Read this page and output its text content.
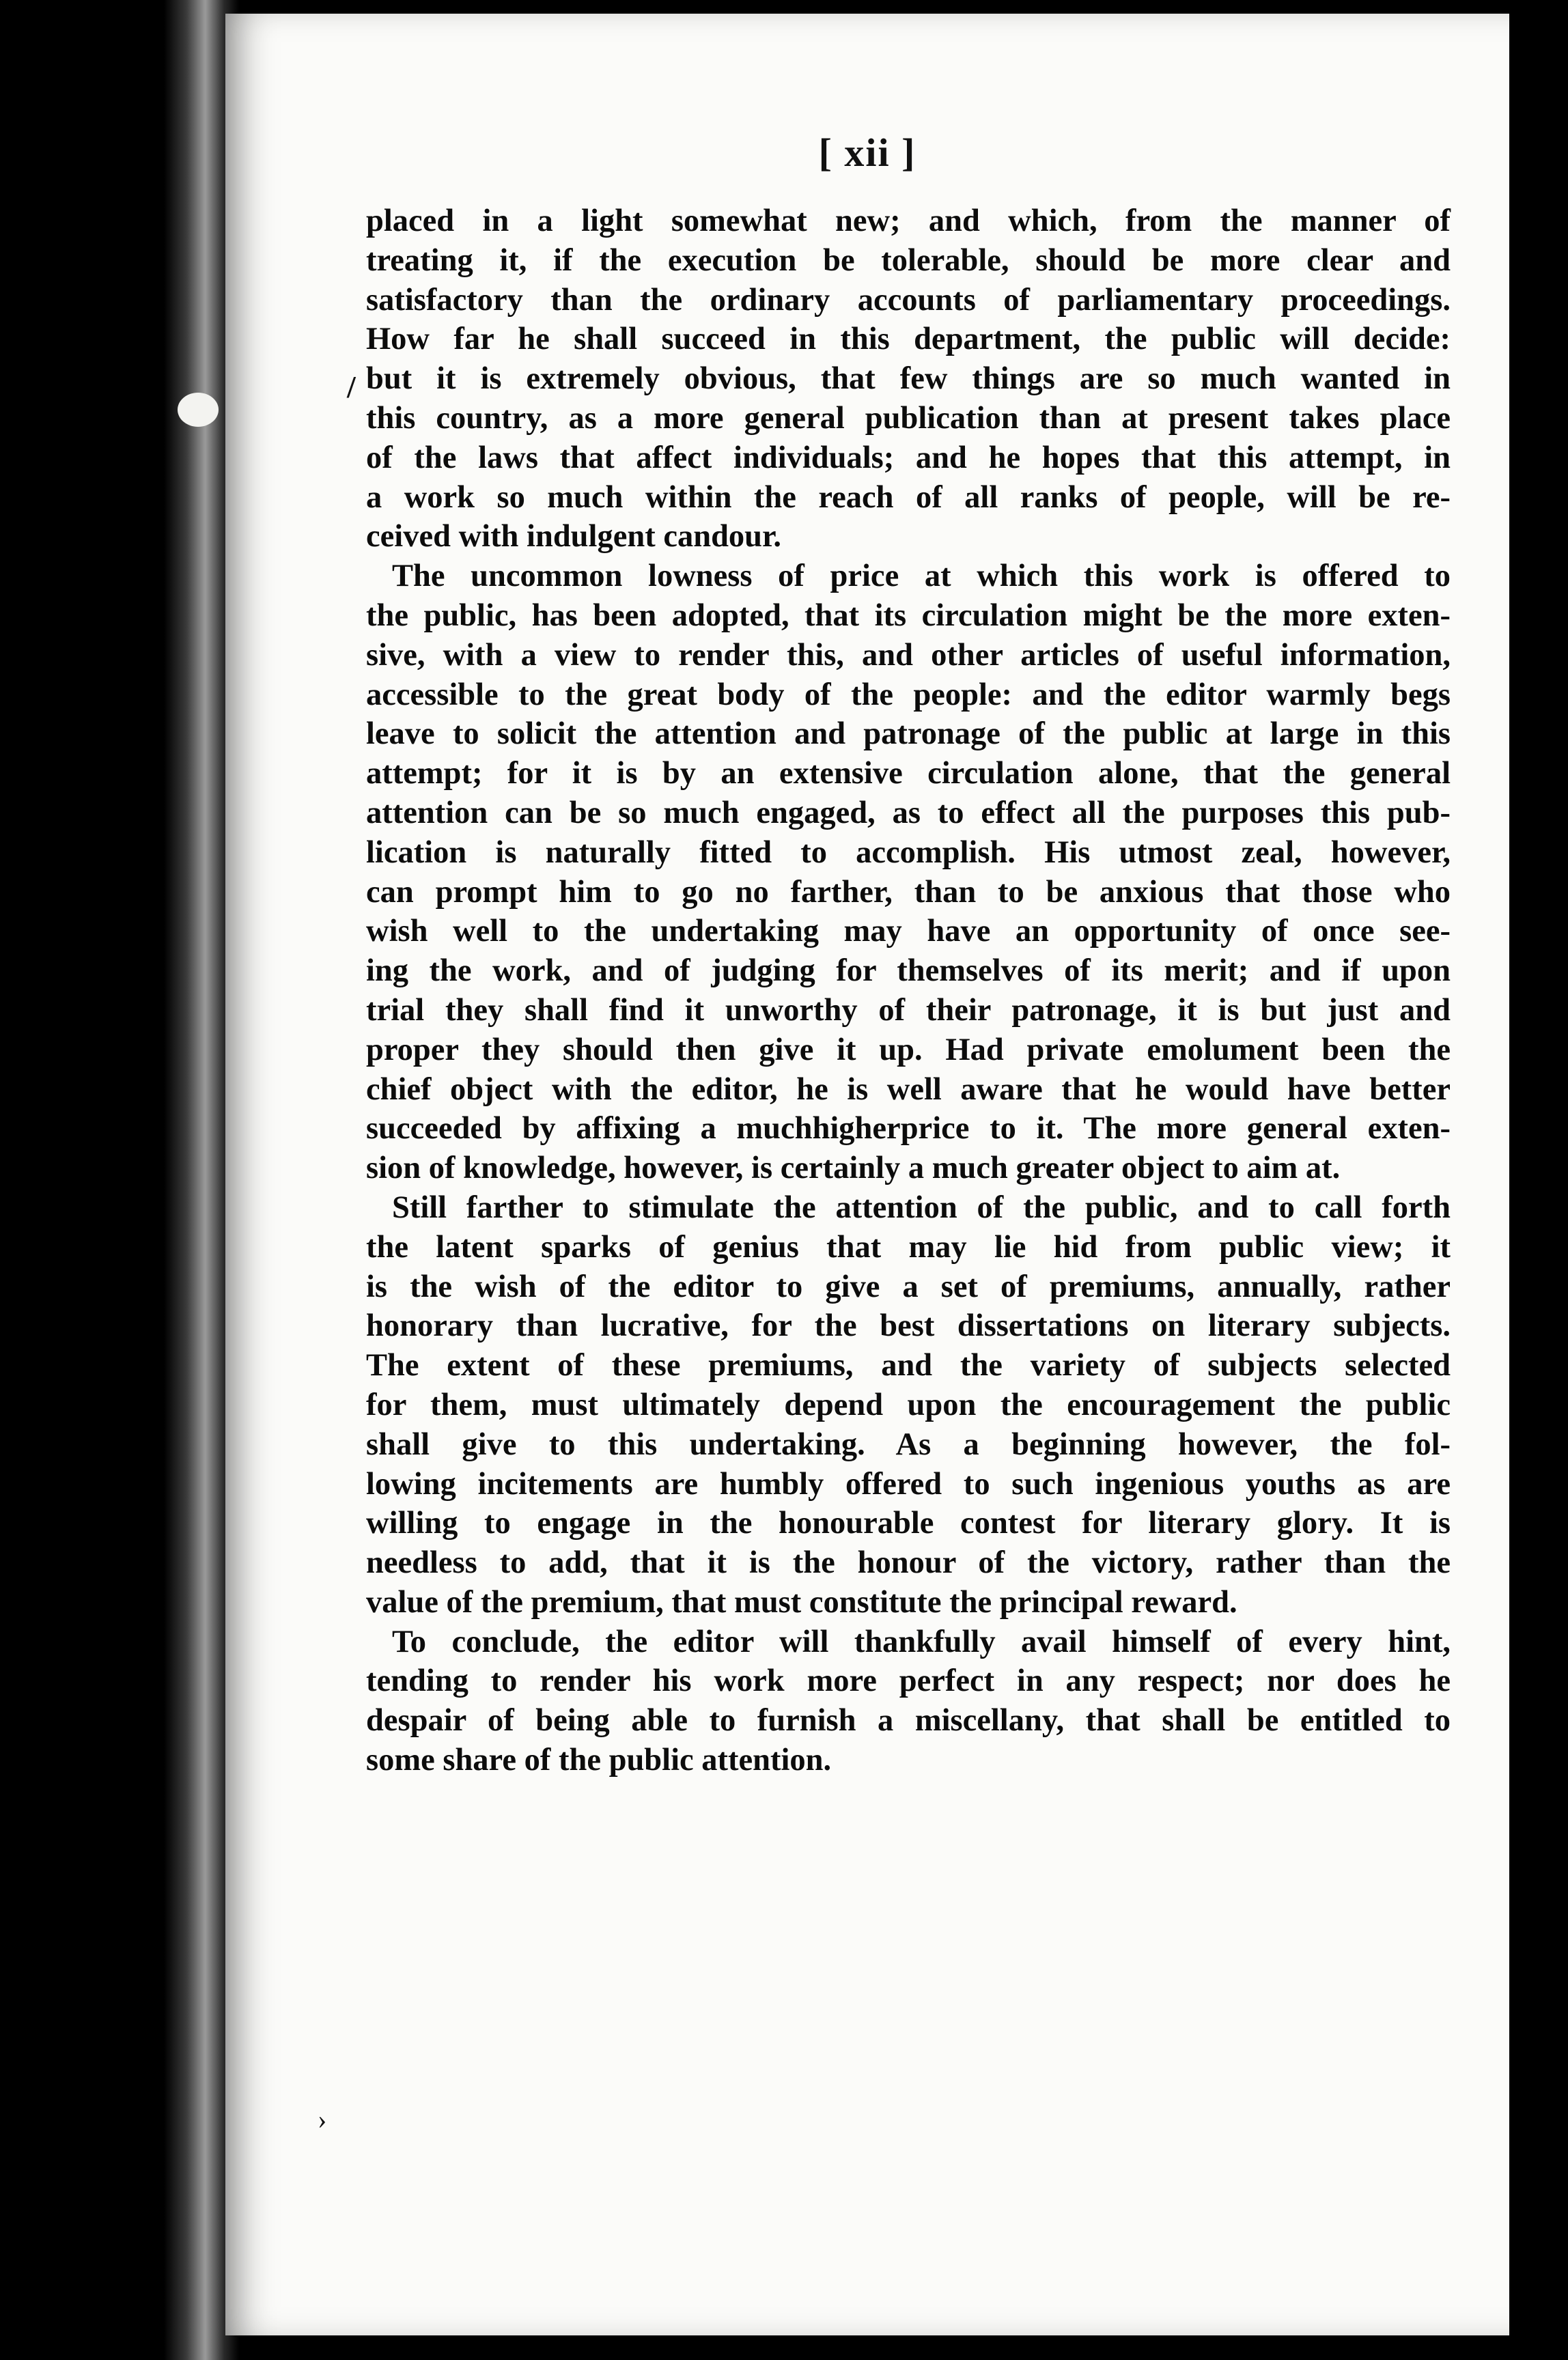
[ xii ]
/
placed in a light somewhat new; and which, from the manner of
treating it, if the execution be tolerable, should be more clear and
satisfactory than the ordinary accounts of parliamentary proceedings.
How far he shall succeed in this department, the public will decide:
but it is extremely obvious, that few things are so much wanted in
this country, as a more general publication than at present takes place
of the laws that affect individuals; and he hopes that this attempt, in
a work so much within the reach of all ranks of people, will be re-
ceived with indulgent candour.
The uncommon lowness of price at which this work is offered to
the public, has been adopted, that its circulation might be the more exten-
sive, with a view to render this, and other articles of useful information,
accessible to the great body of the people: and the editor warmly begs
leave to solicit the attention and patronage of the public at large in this
attempt; for it is by an extensive circulation alone, that the general
attention can be so much engaged, as to effect all the purposes this pub-
lication is naturally fitted to accomplish. His utmost zeal, however,
can prompt him to go no farther, than to be anxious that those who
wish well to the undertaking may have an opportunity of once see-
ing the work, and of judging for themselves of its merit; and if upon
trial they shall find it unworthy of their patronage, it is but just and
proper they should then give it up. Had private emolument been the
chief object with the editor, he is well aware that he would have better
succeeded by affixing a muchhigherprice to it. The more general exten-
sion of knowledge, however, is certainly a much greater object to aim at.
Still farther to stimulate the attention of the public, and to call forth
the latent sparks of genius that may lie hid from public view; it
is the wish of the editor to give a set of premiums, annually, rather
honorary than lucrative, for the best dissertations on literary subjects.
The extent of these premiums, and the variety of subjects selected
for them, must ultimately depend upon the encouragement the public
shall give to this undertaking. As a beginning however, the fol-
lowing incitements are humbly offered to such ingenious youths as are
willing to engage in the honourable contest for literary glory. It is
needless to add, that it is the honour of the victory, rather than the
value of the premium, that must constitute the principal reward.
To conclude, the editor will thankfully avail himself of every hint,
tending to render his work more perfect in any respect; nor does he
despair of being able to furnish a miscellany, that shall be entitled to
some share of the public attention.
›
